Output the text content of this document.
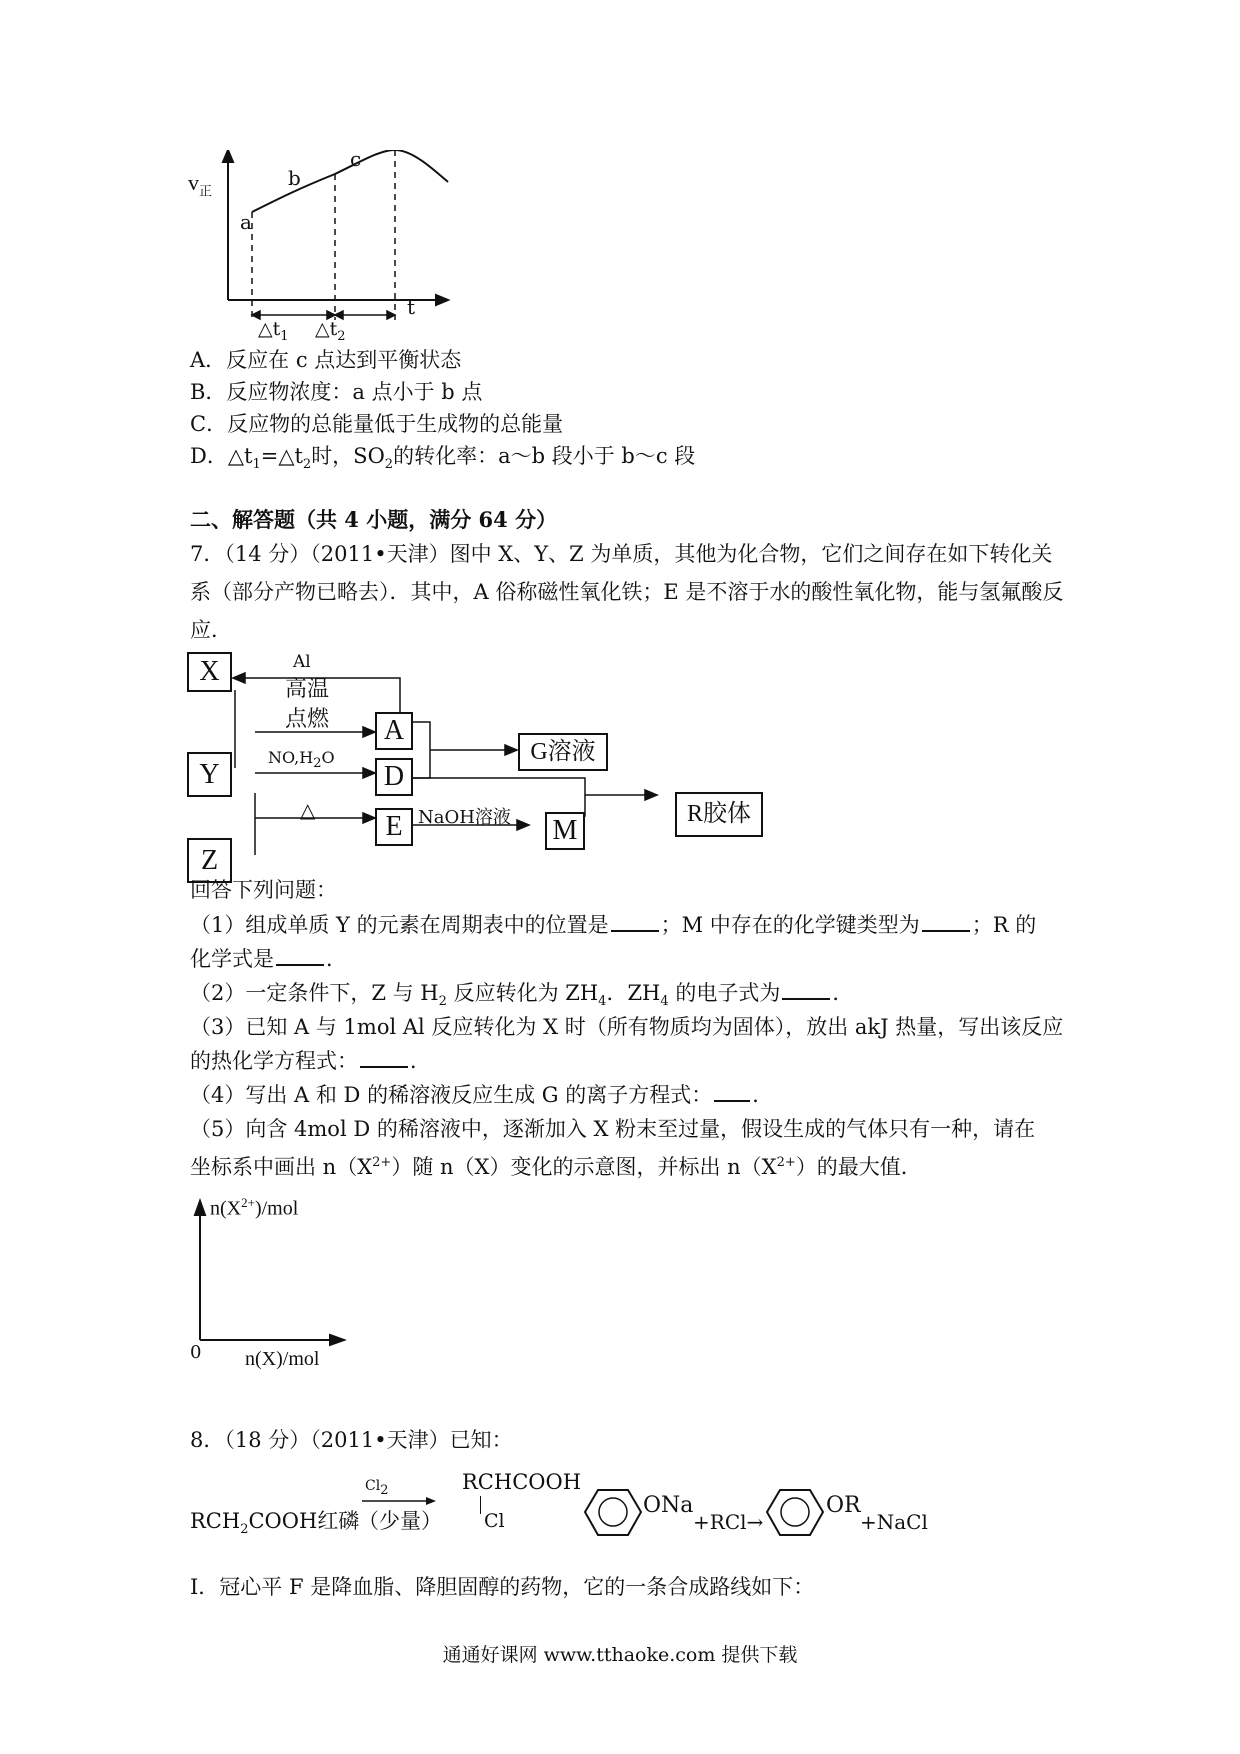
$v_正$
a
b
c
t
$\triangle t_1$ $\triangle t_2$
A．反应在 c 点达到平衡状态
B．反应物浓度：a 点小于 b 点
C．反应物的总能量低于生成物的总能量
D．$\triangle t_1=\triangle t_2$时，$SO_2$的转化率：a～b 段小于 b～c 段
二、解答题（共 4 小题，满分 64 分）
7．（14 分）（2011•天津）图中 X、Y、Z 为单质，其他为化合物，它们之间存在如下转化关系（部分产物已略去）．其中，A 俗称磁性氧化铁；E 是不溶于水的酸性氧化物，能与氢氟酸反应．
X
Y
Z
A
D
E	M
G溶液
R胶体
Al
高温
点燃
$NO,H_2O$
△	NaOH溶液
回答下列问题：
（1）组成单质 Y 的元素在周期表中的位置是 ；M 中存在的化学键类型为 ；R 的
化学式是 ．
（2）一定条件下，Z 与 $H_2$ 反应转化为 $ZH_4$．$ZH_4$ 的电子式为 ．
（3）已知 A 与 1mol Al 反应转化为 X 时（所有物质均为固体），放出 akJ 热量，写出该反应
的热化学方程式： ．
（4）写出 A 和 D 的稀溶液反应生成 G 的离子方程式： ．
（5）向含 4mol D 的稀溶液中，逐渐加入 X 粉末至过量，假设生成的气体只有一种，请在
坐标系中画出 $n(X^{2+})$随 n（X）变化的示意图，并标出 $n(X^{2+})$的最大值．
$n(X^{2+})$/mol
0 n(X)/mol
8．（18 分）（2011•天津）已知：
$RCH_2COOH$红磷
$Cl_2$
（少量）
RCHCOOH
Cl
ONa
+RCl→
OR
+NaCl
I．冠心平 F 是降血脂、降胆固醇的药物，它的一条合成路线如下：
通通好课网 www.tthaoke.com 提供下载
